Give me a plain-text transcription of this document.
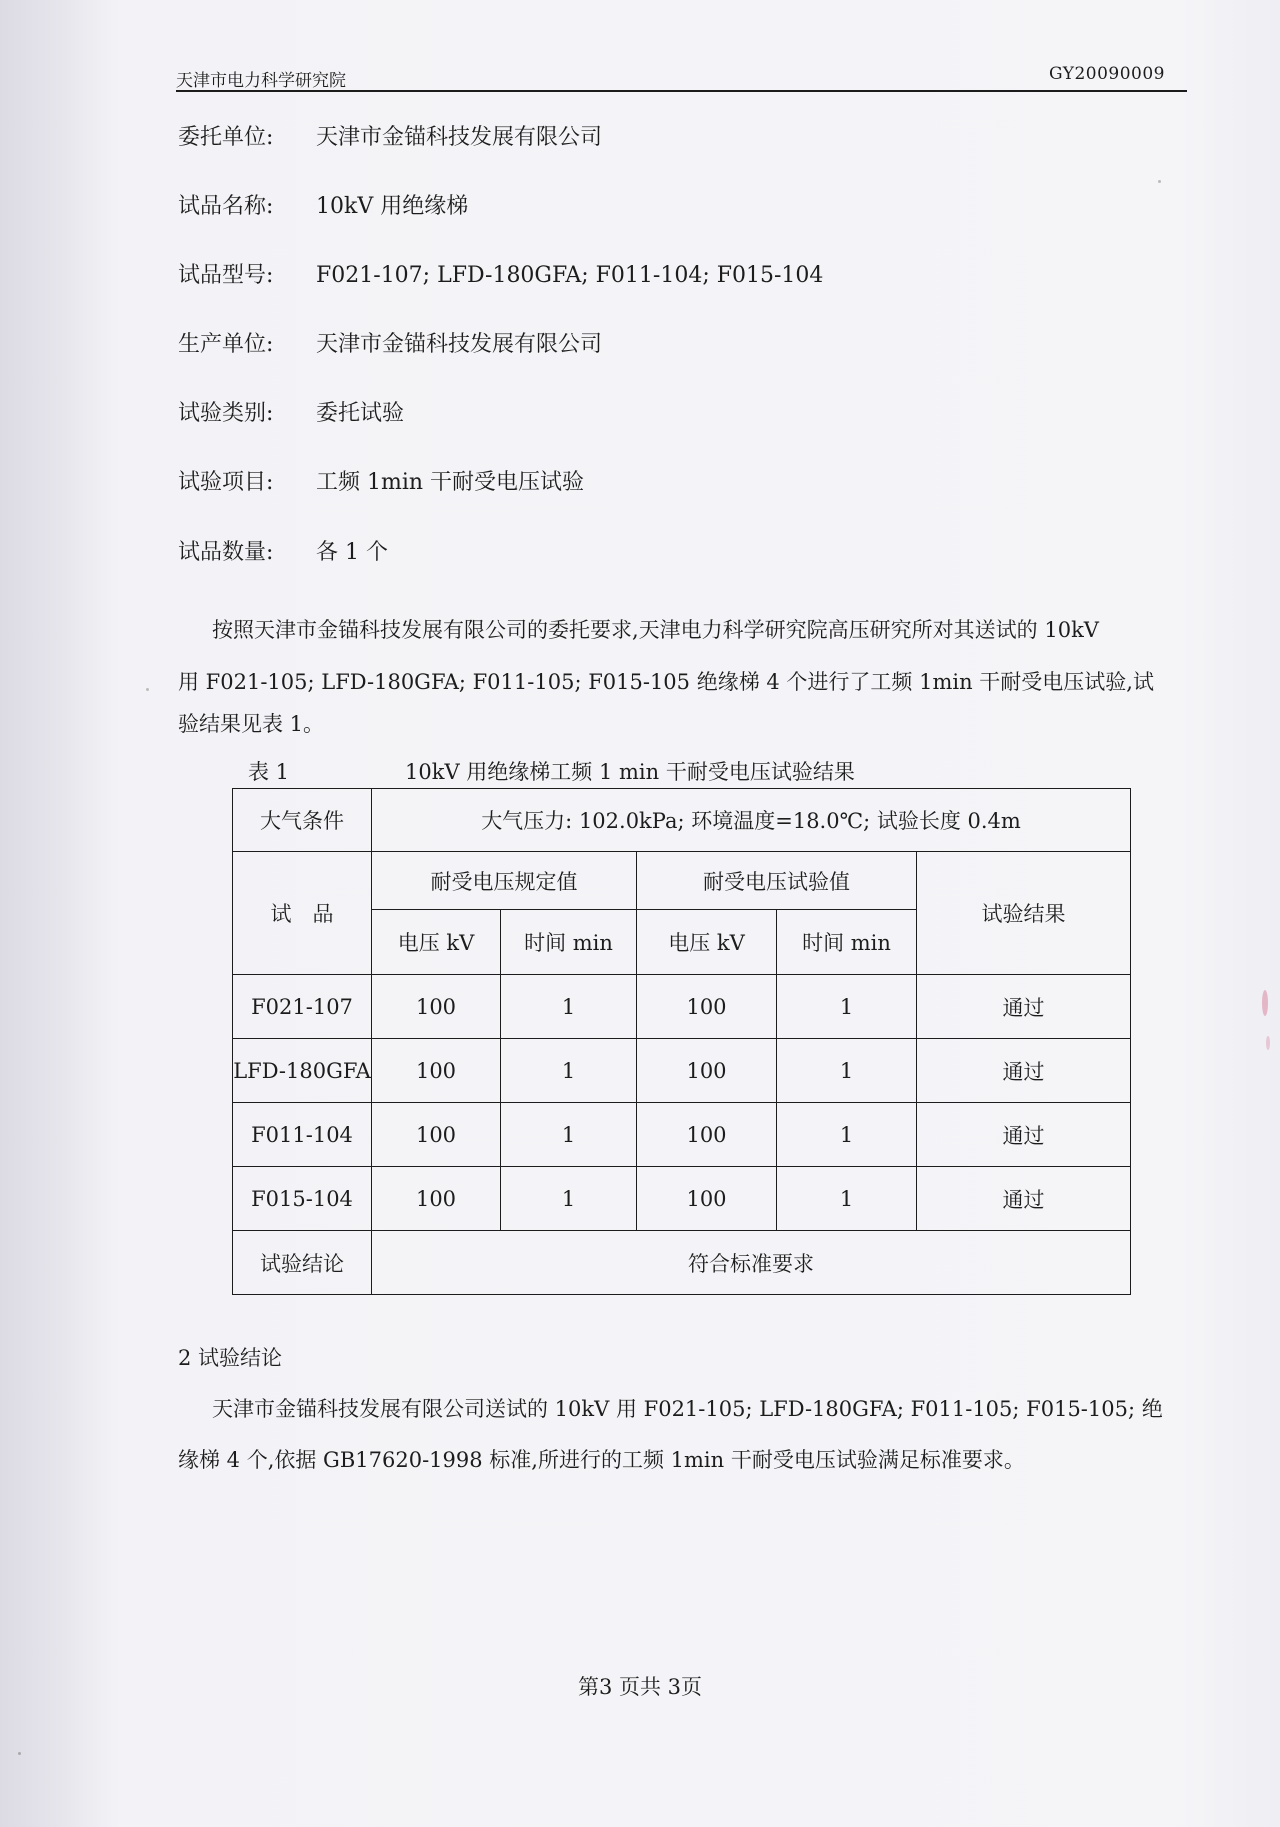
天津市电力科学研究院	GY20090009
委托单位: 天津市金锚科技发展有限公司
试品名称: 10kV 用绝缘梯
试品型号: F021-107; LFD-180GFA; F011-104; F015-104
生产单位: 天津市金锚科技发展有限公司
试验类别: 委托试验
试验项目: 工频 1min 干耐受电压试验
试品数量: 各 1 个
按照天津市金锚科技发展有限公司的委托要求,天津电力科学研究院高压研究所对其送试的 10kV
用 F021-105; LFD-180GFA; F011-105; F015-105 绝缘梯 4 个进行了工频 1min 干耐受电压试验,试
验结果见表 1。
表 1	10kV 用绝缘梯工频 1 min 干耐受电压试验结果
大气条件	大气压力: 102.0kPa; 环境温度=18.0℃; 试验长度 0.4m				
试　品	耐受电压规定值		耐受电压试验值		试验结果
	电压 kV	时间 min	电压 kV	时间 min	
F021-107	100	1	100	1	通过
LFD-180GFA	100	1	100	1	通过
F011-104	100	1	100	1	通过
F015-104	100	1	100	1	通过
试验结论	符合标准要求				
2 试验结论
天津市金锚科技发展有限公司送试的 10kV 用 F021-105; LFD-180GFA; F011-105; F015-105; 绝
缘梯 4 个,依据 GB17620-1998 标准,所进行的工频 1min 干耐受电压试验满足标准要求。
第3 页共 3页
